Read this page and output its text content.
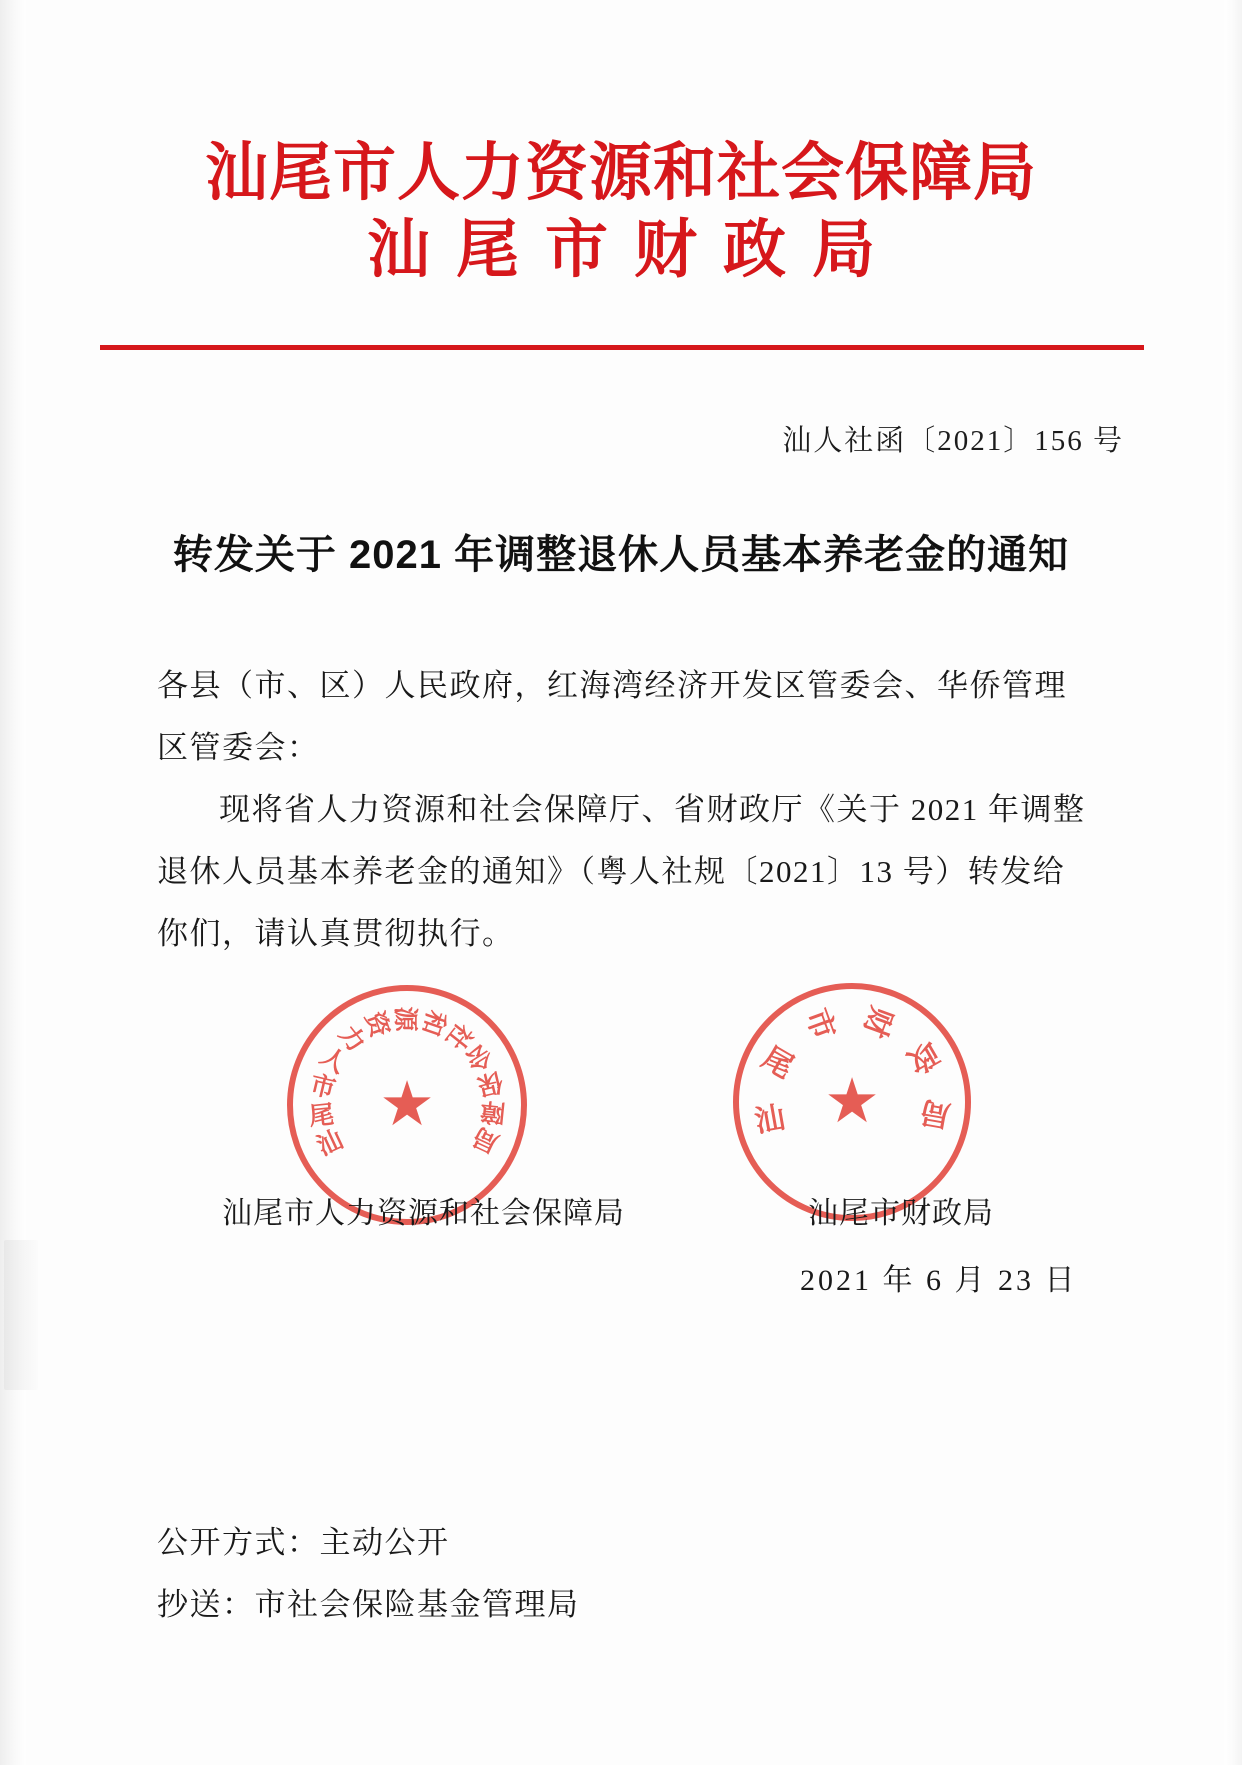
汕尾市人力资源和社会保障局
汕尾市财政局
汕人社函〔2021〕156 号
转发关于 2021 年调整退休人员基本养老金的通知

各县（市、区）人民政府，红海湾经济开发区管委会、华侨管理区管委会：

现将省人力资源和社会保障厅、省财政厅《关于 2021 年调整退休人员基本养老金的通知》（粤人社规〔2021〕13 号）转发给你们，请认真贯彻执行。

★
汕
尾
市
人
力
资
源
和
社
会
保
障
局
★
汕
尾
市 财
政
局
汕尾市人力资源和社会保障局	汕尾市财政局
2021 年 6 月 23 日

公开方式：主动公开

抄送：市社会保险基金管理局
